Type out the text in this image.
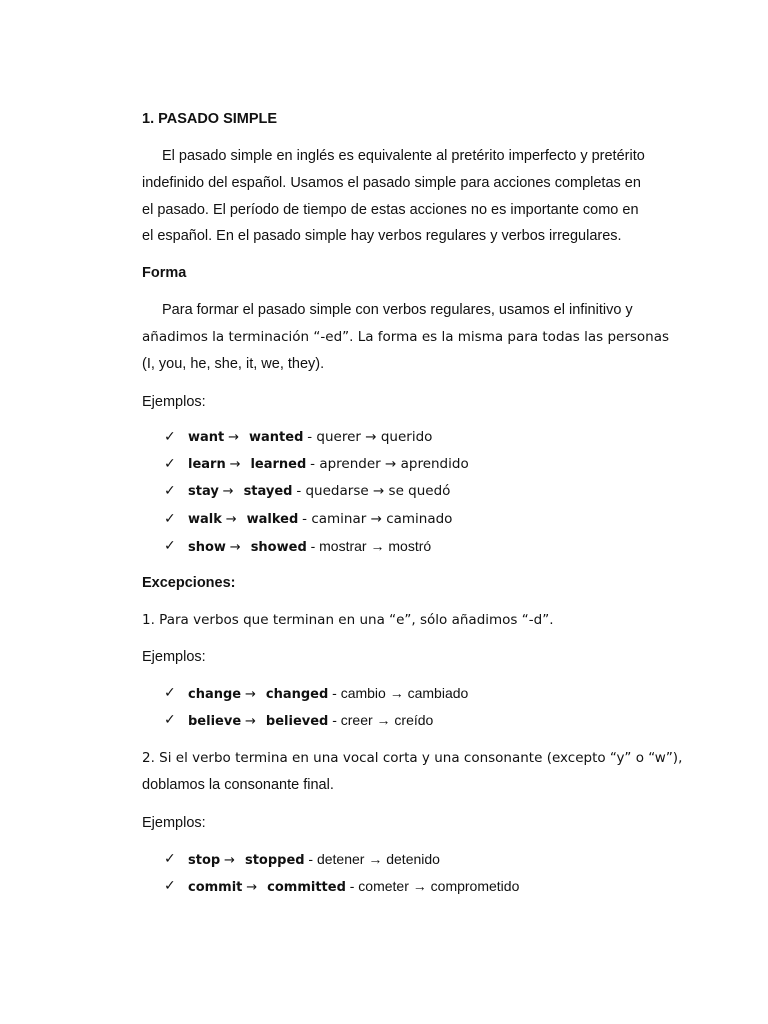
1. PASADO SIMPLE
El pasado simple en inglés es equivalente al pretérito imperfecto y pretérito
indefinido del español. Usamos el pasado simple para acciones completas en
el pasado. El período de tiempo de estas acciones no es importante como en
el español. En el pasado simple hay verbos regulares y verbos irregulares.
Forma
Para formar el pasado simple con verbos regulares, usamos el infinitivo y
añadimos la terminación “-ed”. La forma es la misma para todas las personas
(I, you, he, she, it, we, they).
Ejemplos:
✓ want → wanted - querer → querido
✓ learn → learned - aprender → aprendido
✓ stay → stayed - quedarse → se quedó
✓ walk → walked - caminar → caminado
✓ show → showed - mostrar → mostró
Excepciones:
1. Para verbos que terminan en una “e”, sólo añadimos “-d”.
Ejemplos:
✓ change → changed - cambio → cambiado
✓ believe → believed - creer → creído
2. Si el verbo termina en una vocal corta y una consonante (excepto “y” o “w”),
doblamos la consonante final.
Ejemplos:
✓ stop → stopped - detener → detenido
✓ commit → committed - cometer → comprometido
